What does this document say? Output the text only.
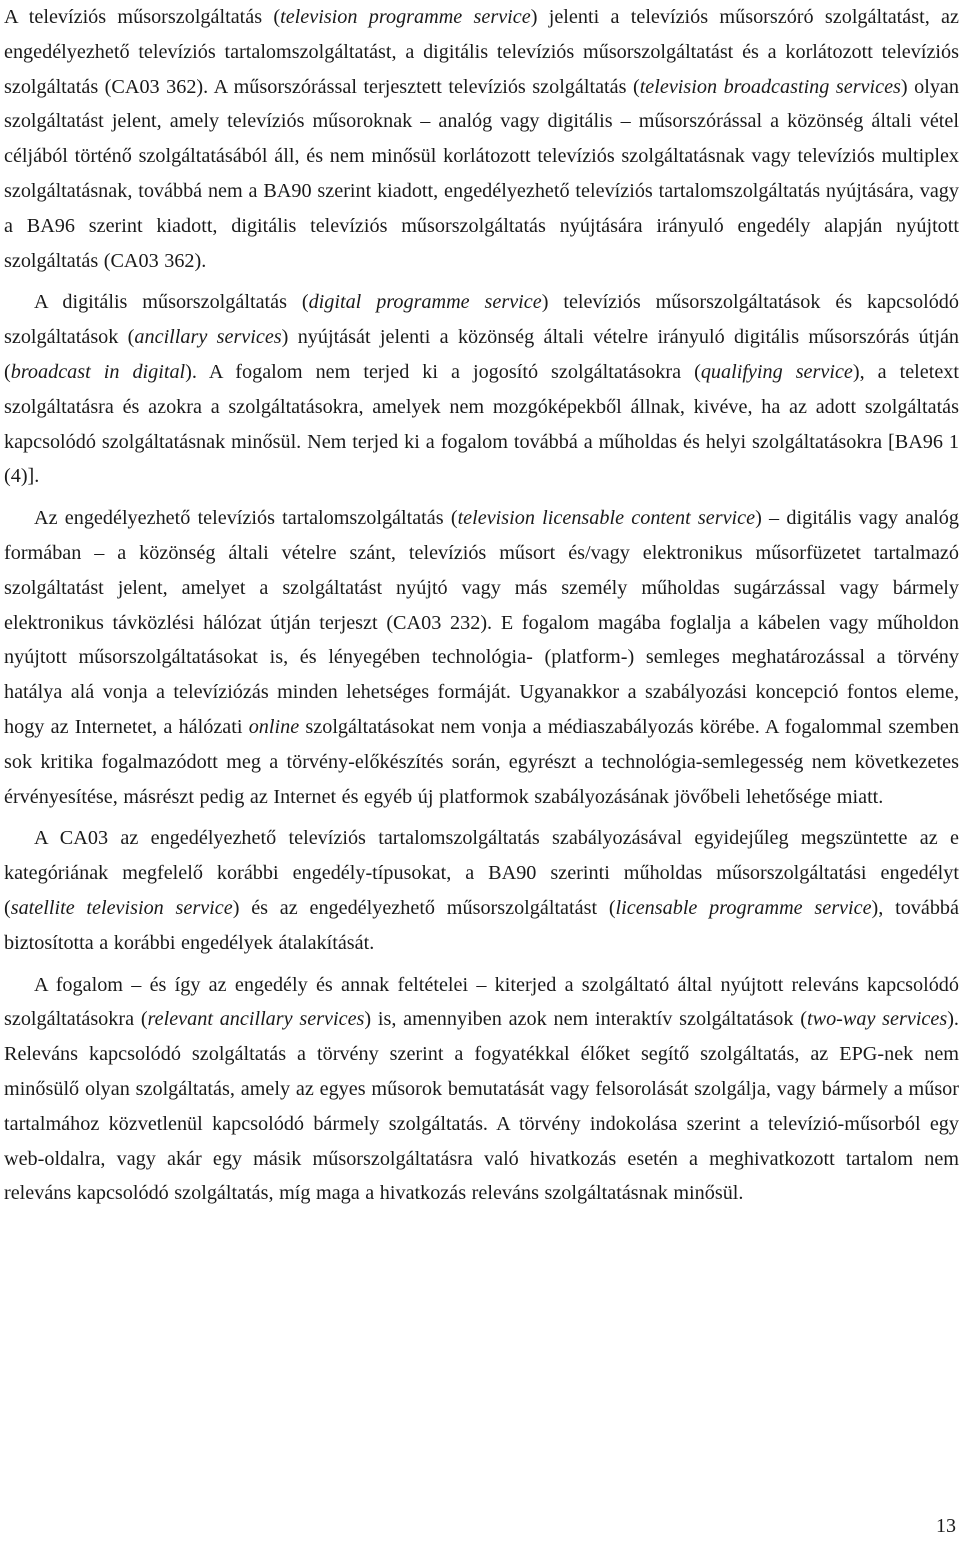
A televíziós műsorszolgáltatás (television programme service) jelenti a televíziós műsorszóró szolgáltatást, az engedélyezhető televíziós tartalomszolgáltatást, a digitális televíziós műsorszolgáltatást és a korlátozott televíziós szolgáltatás (CA03 362). A műsorszórással terjesztett televíziós szolgáltatás (television broadcasting services) olyan szolgáltatást jelent, amely televíziós műsoroknak – analóg vagy digitális – műsorszórással a közönség általi vétel céljából történő szolgáltatásából áll, és nem minősül korlátozott televíziós szolgáltatásnak vagy televíziós multiplex szolgáltatásnak, továbbá nem a BA90 szerint kiadott, engedélyezhető televíziós tartalomszolgáltatás nyújtására, vagy a BA96 szerint kiadott, digitális televíziós műsorszolgáltatás nyújtására irányuló engedély alapján nyújtott szolgáltatás (CA03 362).

A digitális műsorszolgáltatás (digital programme service) televíziós műsorszolgáltatások és kapcsolódó szolgáltatások (ancillary services) nyújtását jelenti a közönség általi vételre irányuló digitális műsorszórás útján (broadcast in digital). A fogalom nem terjed ki a jogosító szolgáltatásokra (qualifying service), a teletext szolgáltatásra és azokra a szolgáltatásokra, amelyek nem mozgóképekből állnak, kivéve, ha az adott szolgáltatás kapcsolódó szolgáltatásnak minősül. Nem terjed ki a fogalom továbbá a műholdas és helyi szolgáltatásokra [BA96 1 (4)].

Az engedélyezhető televíziós tartalomszolgáltatás (television licensable content service) – digitális vagy analóg formában – a közönség általi vételre szánt, televíziós műsort és/vagy elektronikus műsorfüzetet tartalmazó szolgáltatást jelent, amelyet a szolgáltatást nyújtó vagy más személy műholdas sugárzással vagy bármely elektronikus távközlési hálózat útján terjeszt (CA03 232). E fogalom magába foglalja a kábelen vagy műholdon nyújtott műsorszolgáltatásokat is, és lényegében technológia- (platform-) semleges meghatározással a törvény hatálya alá vonja a televíziózás minden lehetséges formáját. Ugyanakkor a szabályozási koncepció fontos eleme, hogy az Internetet, a hálózati online szolgáltatásokat nem vonja a médiaszabályozás körébe. A fogalommal szemben sok kritika fogalmazódott meg a törvény-előkészítés során, egyrészt a technológia-semlegesség nem következetes érvényesítése, másrészt pedig az Internet és egyéb új platformok szabályozásának jövőbeli lehetősége miatt.

A CA03 az engedélyezhető televíziós tartalomszolgáltatás szabályozásával egyidejűleg megszüntette az e kategóriának megfelelő korábbi engedély-típusokat, a BA90 szerinti műholdas műsorszolgáltatási engedélyt (satellite television service) és az engedélyezhető műsorszolgáltatást (licensable programme service), továbbá biztosította a korábbi engedélyek átalakítását.

A fogalom – és így az engedély és annak feltételei – kiterjed a szolgáltató által nyújtott releváns kapcsolódó szolgáltatásokra (relevant ancillary services) is, amennyiben azok nem interaktív szolgáltatások (two-way services). Releváns kapcsolódó szolgáltatás a törvény szerint a fogyatékkal élőket segítő szolgáltatás, az EPG-nek nem minősülő olyan szolgáltatás, amely az egyes műsorok bemutatását vagy felsorolását szolgálja, vagy bármely a műsor tartalmához közvetlenül kapcsolódó bármely szolgáltatás. A törvény indokolása szerint a televízió-műsorból egy web-oldalra, vagy akár egy másik műsorszolgáltatásra való hivatkozás esetén a meghivatkozott tartalom nem releváns kapcsolódó szolgáltatás, míg maga a hivatkozás releváns szolgáltatásnak minősül.

13
